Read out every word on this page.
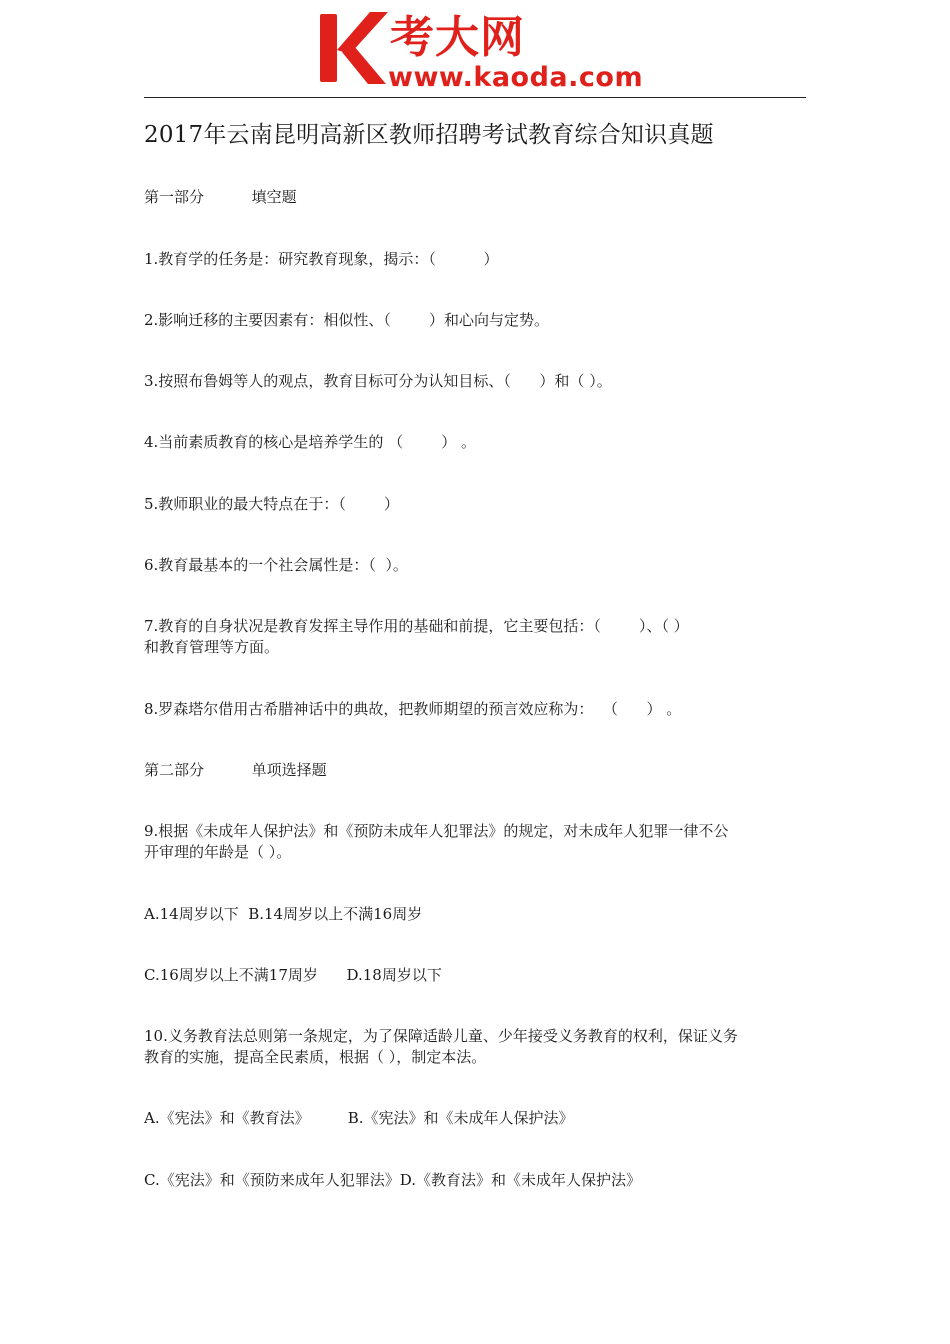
考大网
www.kaoda.com
2017年云南昆明高新区教师招聘考试教育综合知识真题
第一部分          填空题
1.教育学的任务是：研究教育现象，揭示：（          ）
2.影响迁移的主要因素有：相似性、（        ）和心向与定势。
3.按照布鲁姆等人的观点，教育目标可分为认知目标、（      ）和（ ）。
4.当前素质教育的核心是培养学生的 （        ） 。
5.教师职业的最大特点在于：（        ）
6.教育最基本的一个社会属性是：（  ）。
7.教育的自身状况是教育发挥主导作用的基础和前提，它主要包括：（        ）、（ ）
和教育管理等方面。
8.罗森塔尔借用古希腊神话中的典故，把教师期望的预言效应称为：  （      ） 。
第二部分          单项选择题
9.根据《未成年人保护法》和《预防未成年人犯罪法》的规定，对未成年人犯罪一律不公
开审理的年龄是（ ）。
A.14周岁以下  B.14周岁以上不满16周岁
C.16周岁以上不满17周岁      D.18周岁以下
10.义务教育法总则第一条规定，为了保障适龄儿童、少年接受义务教育的权利，保证义务
教育的实施，提高全民素质，根据（ ），制定本法。
A.《宪法》和《教育法》        B.《宪法》和《未成年人保护法》
C.《宪法》和《预防来成年人犯罪法》D.《教育法》和《未成年人保护法》
